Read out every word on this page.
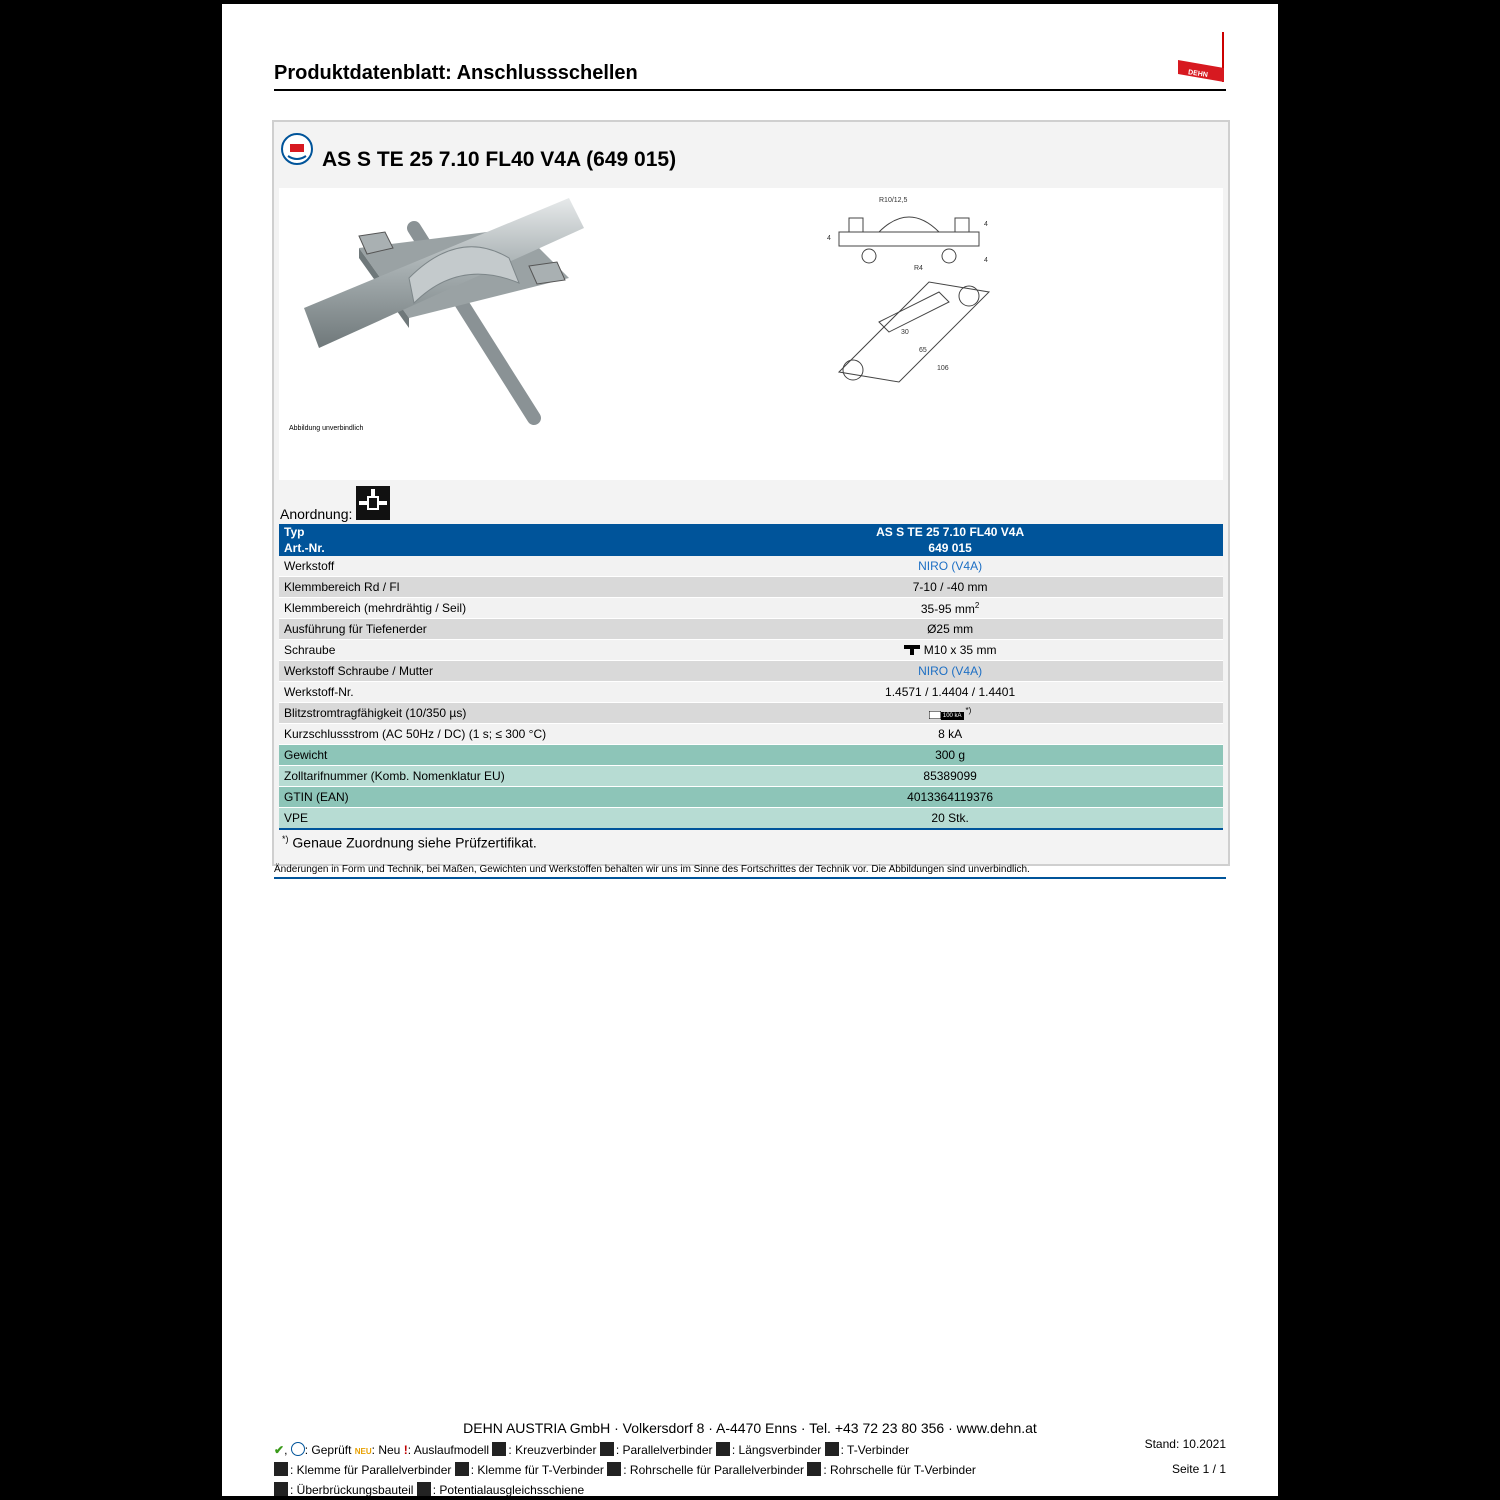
Produktdatenblatt: Anschlussschellen	DEHN
AS S TE 25 7.10 FL40 V4A (649 015)
Abbildung unverbindlich
R10/12,5
R4
4
4
4
30
65
106
Anordnung:
Typ	AS S TE 25 7.10 FL40 V4A
Art.-Nr.	649 015
Werkstoff	NIRO (V4A)
Klemmbereich Rd / Fl	7-10 / -40 mm
Klemmbereich (mehrdrähtig / Seil)	35-95 $mm^2$
Ausführung für Tiefenerder	Ø25 mm
Schraube	M10 x 35 mm
Werkstoff Schraube / Mutter	NIRO (V4A)
Werkstoff-Nr.	1.4571 / 1.4404 / 1.4401
Blitzstromtragfähigkeit (10/350 µs)	100 kA*)
Kurzschlussstrom (AC 50Hz / DC) (1 s; ≤ 300 °C)	8 kA
Gewicht	300 g
Zolltarifnummer (Komb. Nomenklatur EU)	85389099
GTIN (EAN)	4013364119376
VPE	20 Stk.
*) Genaue Zuordnung siehe Prüfzertifikat.
Änderungen in Form und Technik, bei Maßen, Gewichten und Werkstoffen behalten wir uns im Sinne des Fortschrittes der Technik vor. Die Abbildungen sind unverbindlich.
DEHN AUSTRIA GmbH · Volkersdorf 8 · A-4470 Enns · Tel. +43 72 23 80 356 · www.dehn.at
Stand: 10.2021
Seite 1 / 1
✔, : Geprüft NEU: Neu !: Auslaufmodell : Kreuzverbinder : Parallelverbinder : Längsverbinder : T-Verbinder
: Klemme für Parallelverbinder : Klemme für T-Verbinder : Rohrschelle für Parallelverbinder : Rohrschelle für T-Verbinder
: Überbrückungsbauteil : Potentialausgleichsschiene
